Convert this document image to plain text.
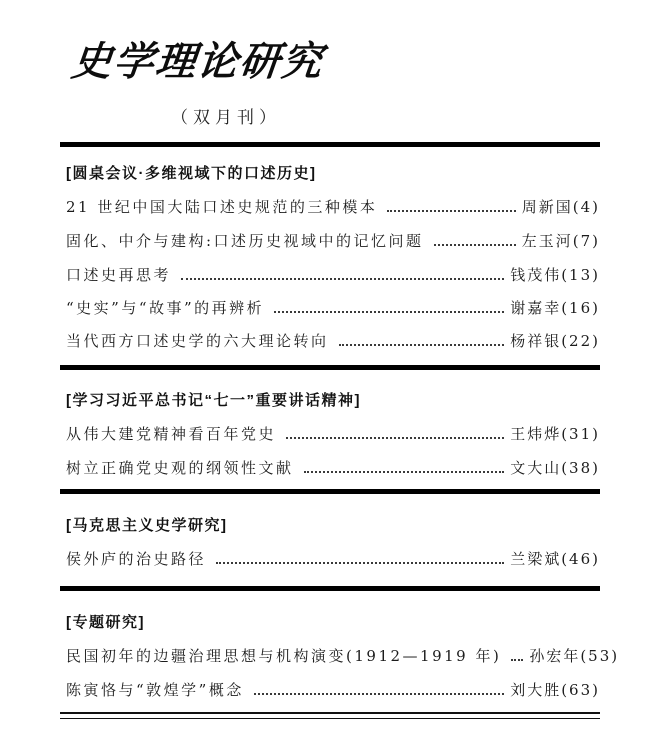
史学理论研究
（双月刊）
[圆桌会议·多维视域下的口述历史]
21 世纪中国大陆口述史规范的三种模本	周新国(4)
固化、中介与建构:口述历史视域中的记忆问题	左玉河(7)
口述史再思考	钱茂伟(13)
“史实”与“故事”的再辨析	谢嘉幸(16)
当代西方口述史学的六大理论转向	杨祥银(22)
[学习习近平总书记“七一”重要讲话精神]
从伟大建党精神看百年党史	王炜烨(31)
树立正确党史观的纲领性文献	文大山(38)
[马克思主义史学研究]
侯外庐的治史路径	兰梁斌(46)
[专题研究]
民国初年的边疆治理思想与机构演变(1912—1919 年) 孙宏年(53)
陈寅恪与“敦煌学”概念	刘大胜(63)
